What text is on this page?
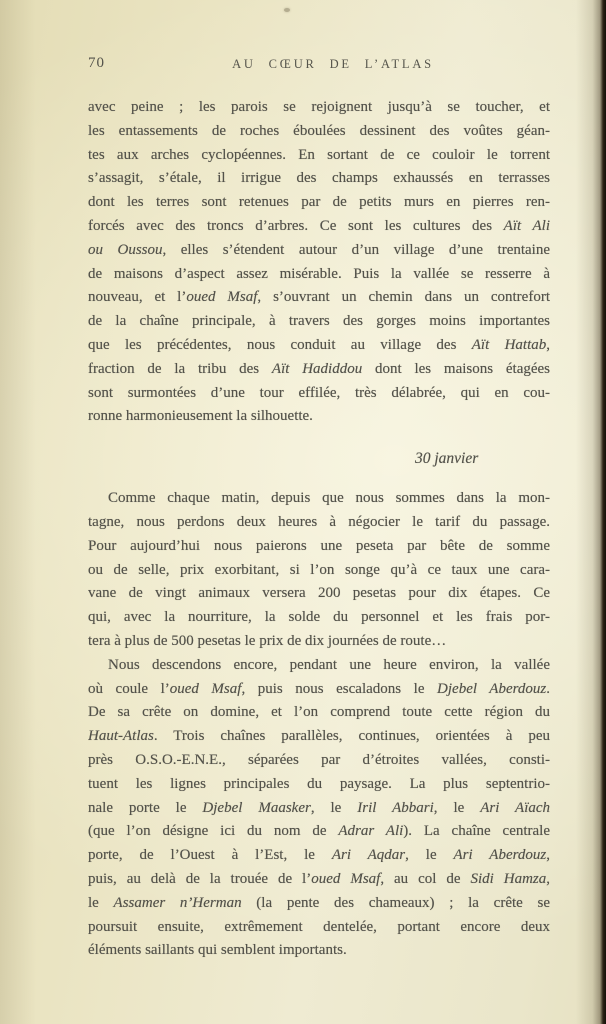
70	AU CŒUR DE L’ATLAS
avec peine ; les parois se rejoignent jusqu’à se toucher, et
les entassements de roches éboulées dessinent des voûtes géan-
tes aux arches cyclopéennes. En sortant de ce couloir le torrent
s’assagit, s’étale, il irrigue des champs exhaussés en terrasses
dont les terres sont retenues par de petits murs en pierres ren-
forcés avec des troncs d’arbres. Ce sont les cultures des Aït Ali
ou Oussou, elles s’étendent autour d’un village d’une trentaine
de maisons d’aspect assez misérable. Puis la vallée se resserre à
nouveau, et l’oued Msaf, s’ouvrant un chemin dans un contrefort
de la chaîne principale, à travers des gorges moins importantes
que les précédentes, nous conduit au village des Aït Hattab,
fraction de la tribu des Aït Hadiddou dont les maisons étagées
sont surmontées d’une tour effilée, très délabrée, qui en cou-
ronne harmonieusement la silhouette.
30 janvier
Comme chaque matin, depuis que nous sommes dans la mon-
tagne, nous perdons deux heures à négocier le tarif du passage.
Pour aujourd’hui nous paierons une peseta par bête de somme
ou de selle, prix exorbitant, si l’on songe qu’à ce taux une cara-
vane de vingt animaux versera 200 pesetas pour dix étapes. Ce
qui, avec la nourriture, la solde du personnel et les frais por-
tera à plus de 500 pesetas le prix de dix journées de route…
Nous descendons encore, pendant une heure environ, la vallée
où coule l’oued Msaf, puis nous escaladons le Djebel Aberdouz.
De sa crête on domine, et l’on comprend toute cette région du
Haut-Atlas. Trois chaînes parallèles, continues, orientées à peu
près O.S.O.-E.N.E., séparées par d’étroites vallées, consti-
tuent les lignes principales du paysage. La plus septentrio-
nale porte le Djebel Maasker, le Iril Abbari, le Ari Aïach
(que l’on désigne ici du nom de Adrar Ali). La chaîne centrale
porte, de l’Ouest à l’Est, le Ari Aqdar, le Ari Aberdouz,
puis, au delà de la trouée de l’oued Msaf, au col de Sidi Hamza,
le Assamer n’Herman (la pente des chameaux) ; la crête se
poursuit ensuite, extrêmement dentelée, portant encore deux
éléments saillants qui semblent importants.
